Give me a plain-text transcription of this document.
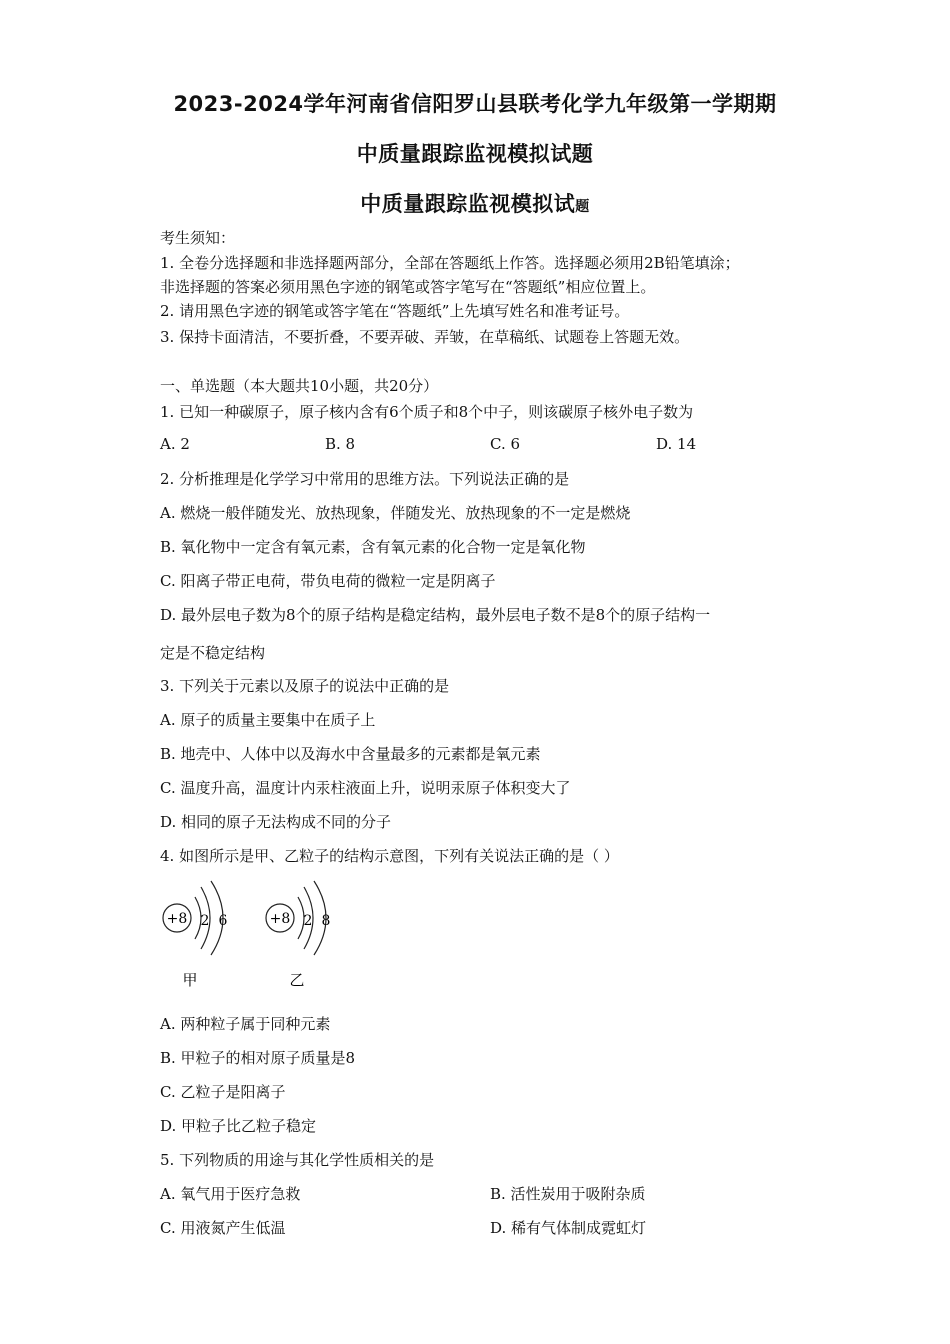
2023-2024学年河南省信阳罗山县联考化学九年级第一学期期
中质量跟踪监视模拟试题
中质量跟踪监视模拟试题
考生须知：
1. 全卷分选择题和非选择题两部分，全部在答题纸上作答。选择题必须用2B铅笔填涂；
非选择题的答案必须用黑色字迹的钢笔或答字笔写在“答题纸”相应位置上。
2. 请用黑色字迹的钢笔或答字笔在“答题纸”上先填写姓名和准考证号。
3. 保持卡面清洁，不要折叠，不要弄破、弄皱，在草稿纸、试题卷上答题无效。
一、单选题（本大题共10小题，共20分）
1. 已知一种碳原子，原子核内含有6个质子和8个中子，则该碳原子核外电子数为
A. 2	B. 8	C. 6	D. 14
2. 分析推理是化学学习中常用的思维方法。下列说法正确的是
A. 燃烧一般伴随发光、放热现象，伴随发光、放热现象的不一定是燃烧
B. 氧化物中一定含有氧元素，含有氧元素的化合物一定是氧化物
C. 阳离子带正电荷，带负电荷的微粒一定是阴离子
D. 最外层电子数为8个的原子结构是稳定结构，最外层电子数不是8个的原子结构一
定是不稳定结构
3. 下列关于元素以及原子的说法中正确的是
A. 原子的质量主要集中在质子上
B. 地壳中、人体中以及海水中含量最多的元素都是氧元素
C. 温度升高，温度计内汞柱液面上升，说明汞原子体积变大了
D. 相同的原子无法构成不同的分子
4. 如图所示是甲、乙粒子的结构示意图，下列有关说法正确的是（ ）
+8 2 6
甲
+8 2 8
乙
A. 两种粒子属于同种元素
B. 甲粒子的相对原子质量是8
C. 乙粒子是阳离子
D. 甲粒子比乙粒子稳定
5. 下列物质的用途与其化学性质相关的是
A. 氧气用于医疗急救	B. 活性炭用于吸附杂质
C. 用液氮产生低温	D. 稀有气体制成霓虹灯
